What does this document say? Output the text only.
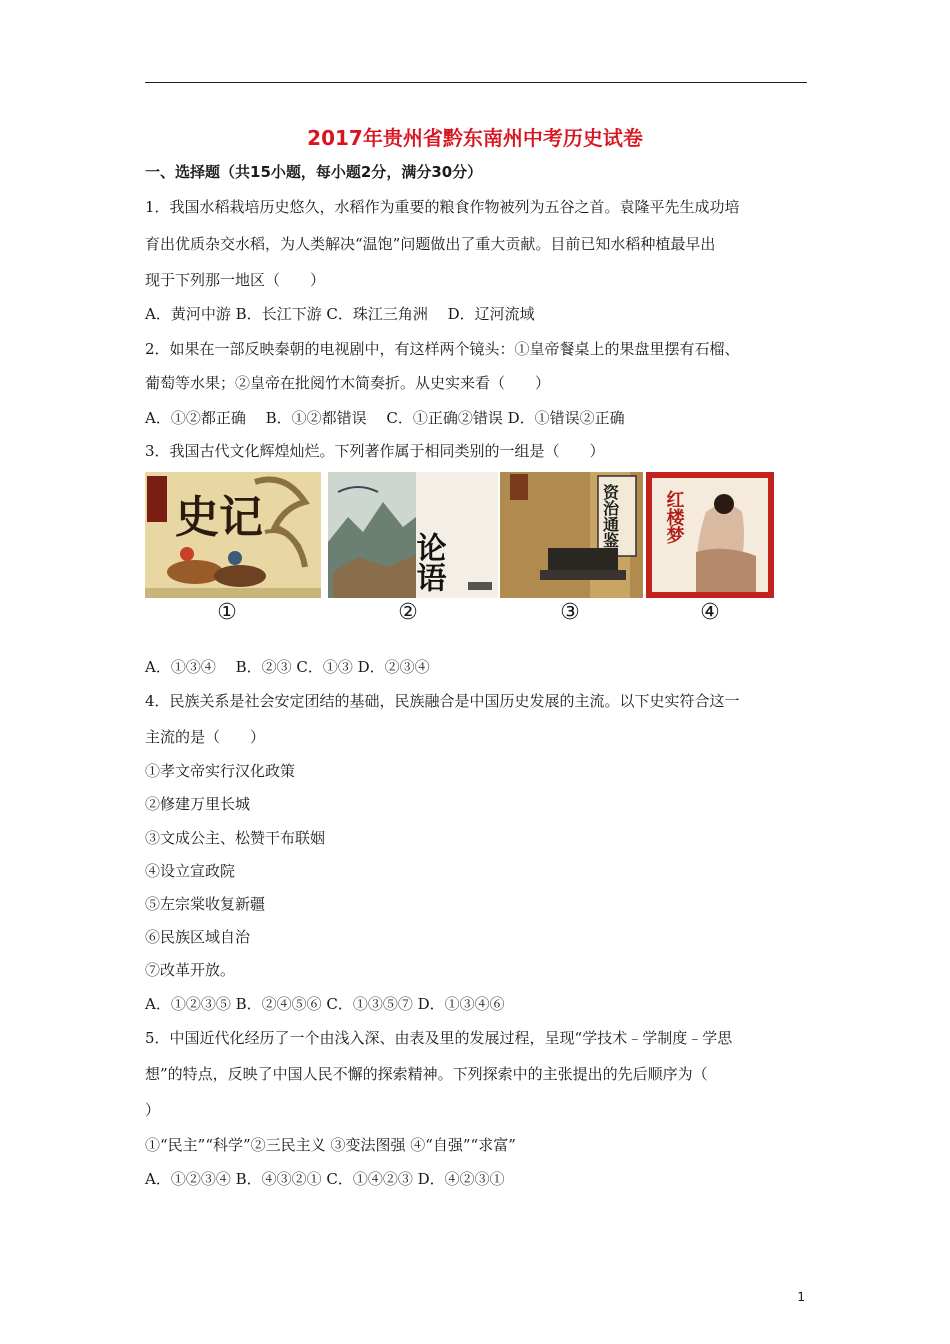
2017年贵州省黔东南州中考历史试卷
一、选择题（共15小题，每小题2分，满分30分）
1．我国水稻栽培历史悠久，水稻作为重要的粮食作物被列为五谷之首。袁隆平先生成功培
育出优质杂交水稻，为人类解决“温饱”问题做出了重大贡献。目前已知水稻种植最早出
现于下列那一地区（　　）
A．黄河中游 B．长江下游 C．珠江三角洲　 D．辽河流域
2．如果在一部反映秦朝的电视剧中，有这样两个镜头：①皇帝餐桌上的果盘里摆有石榴、
葡萄等水果；②皇帝在批阅竹木简奏折。从史实来看（　　）
A．①②都正确　 B．①②都错误　 C．①正确②错误 D．①错误②正确
3．我国古代文化辉煌灿烂。下列著作属于相同类别的一组是（　　）
史记
论语
资治通鉴 红楼梦
①	②	③	④
A．①③④　 B．②③ C．①③ D．②③④
4．民族关系是社会安定团结的基础，民族融合是中国历史发展的主流。以下史实符合这一
主流的是（　　）
①孝文帝实行汉化政策
②修建万里长城
③文成公主、松赞干布联姻
④设立宣政院
⑤左宗棠收复新疆
⑥民族区域自治
⑦改革开放。
A．①②③⑤ B．②④⑤⑥ C．①③⑤⑦ D．①③④⑥
5．中国近代化经历了一个由浅入深、由表及里的发展过程，呈现“学技术﹣学制度﹣学思
想”的特点，反映了中国人民不懈的探索精神。下列探索中的主张提出的先后顺序为（
）
①“民主”“科学”②三民主义 ③变法图强 ④“自强”“求富”
A．①②③④ B．④③②① C．①④②③ D．④②③①
1
